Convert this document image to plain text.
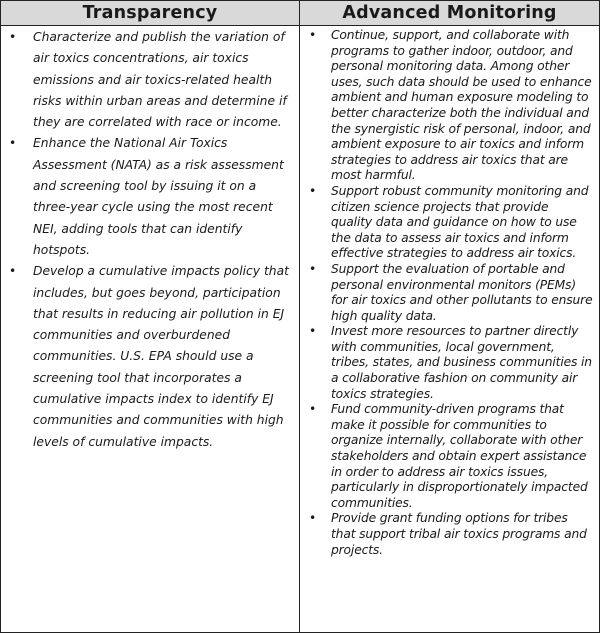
Transparency	Advanced Monitoring
• Characterize and publish the variation of air toxics concentrations, air toxics emissions and air toxics-related health risks within urban areas and determine if they are correlated with race or income.
• Enhance the National Air Toxics Assessment (NATA) as a risk assessment and screening tool by issuing it on a three-year cycle using the most recent NEI, adding tools that can identify hotspots.
• Develop a cumulative impacts policy that includes, but goes beyond, participation that results in reducing air pollution in EJ communities and overburdened communities. U.S. EPA should use a screening tool that incorporates a cumulative impacts index to identify EJ communities and communities with high levels of cumulative impacts.
• Continue, support, and collaborate with programs to gather indoor, outdoor, and personal monitoring data. Among other uses, such data should be used to enhance ambient and human exposure modeling to better characterize both the individual and the synergistic risk of personal, indoor, and ambient exposure to air toxics and inform strategies to address air toxics that are most harmful.
• Support robust community monitoring and citizen science projects that provide quality data and guidance on how to use the data to assess air toxics and inform effective strategies to address air toxics.
• Support the evaluation of portable and personal environmental monitors (PEMs) for air toxics and other pollutants to ensure high quality data.
• Invest more resources to partner directly with communities, local government, tribes, states, and business communities in a collaborative fashion on community air toxics strategies.
• Fund community-driven programs that make it possible for communities to organize internally, collaborate with other stakeholders and obtain expert assistance in order to address air toxics issues, particularly in disproportionately impacted communities.
• Provide grant funding options for tribes that support tribal air toxics programs and projects.
